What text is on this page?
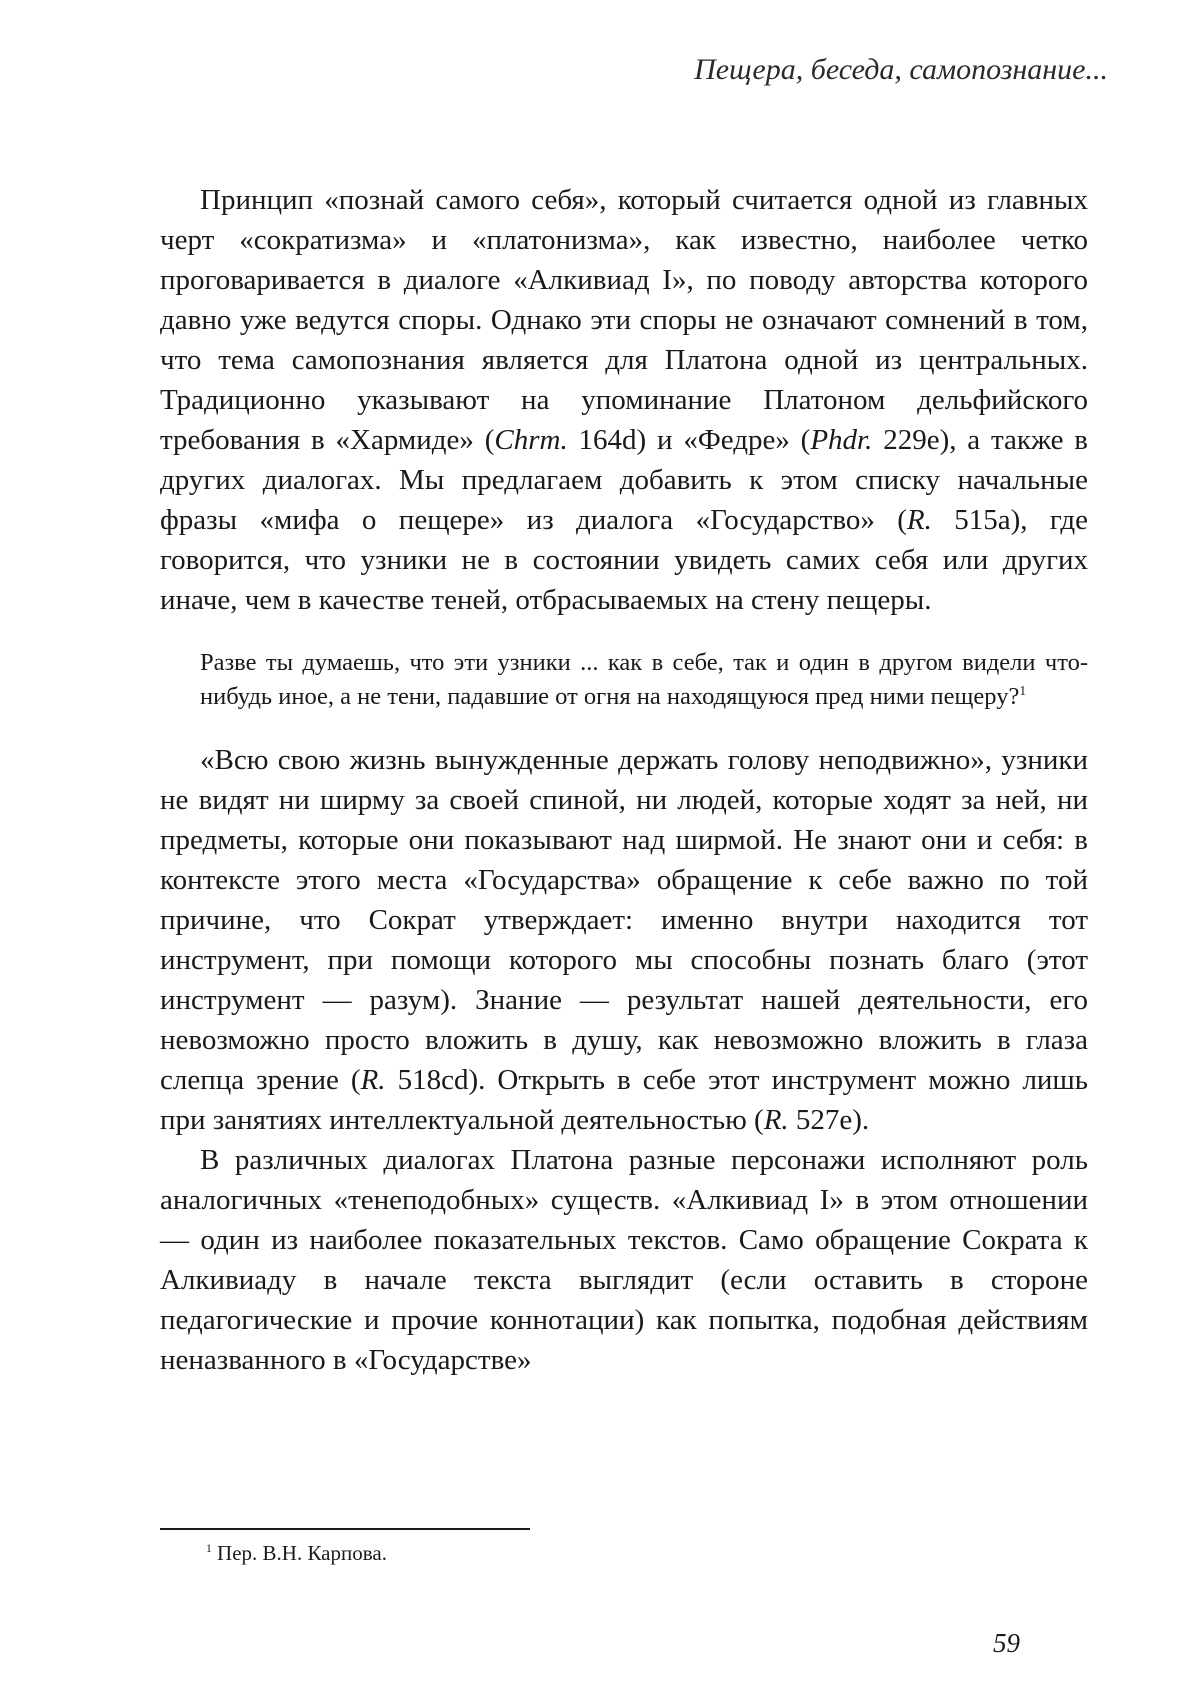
Пещера, беседа, самопознание...

Принцип «познай самого себя», который считается одной из главных черт «сократизма» и «платонизма», как известно, наиболее четко проговаривается в диалоге «Алкивиад I», по поводу авторства которого давно уже ведутся споры. Однако эти споры не означают сомнений в том, что тема самопознания является для Платона одной из центральных. Традиционно указывают на упоминание Платоном дельфийского требования в «Хармиде» (Chrm. 164d) и «Федре» (Phdr. 229e), а также в других диалогах. Мы предлагаем добавить к этом списку начальные фразы «мифа о пещере» из диалога «Государство» (R. 515a), где говорится, что узники не в состоянии увидеть самих себя или других иначе, чем в качестве теней, отбрасываемых на стену пещеры.

Разве ты думаешь, что эти узники ... как в себе, так и один в другом видели что-нибудь иное, а не тени, падавшие от огня на находящуюся пред ними пещеру?$^1$

«Всю свою жизнь вынужденные держать голову неподвижно», узники не видят ни ширму за своей спиной, ни людей, которые ходят за ней, ни предметы, которые они показывают над ширмой. Не знают они и себя: в контексте этого места «Государства» обращение к себе важно по той причине, что Сократ утверждает: именно внутри находится тот инструмент, при помощи которого мы способны познать благо (этот инструмент — разум). Знание — результат нашей деятельности, его невозможно просто вложить в душу, как невозможно вложить в глаза слепца зрение (R. 518cd). Открыть в себе этот инструмент можно лишь при занятиях интеллектуальной деятельностью (R. 527e).

В различных диалогах Платона разные персонажи исполняют роль аналогичных «тенеподобных» существ. «Алкивиад I» в этом отношении — один из наиболее показательных текстов. Само обращение Сократа к Алкивиаду в начале текста выглядит (если оставить в стороне педагогические и прочие коннотации) как попытка, подобная действиям неназванного в «Государстве»

$^1$ Пер. В.Н. Карпова.
59
